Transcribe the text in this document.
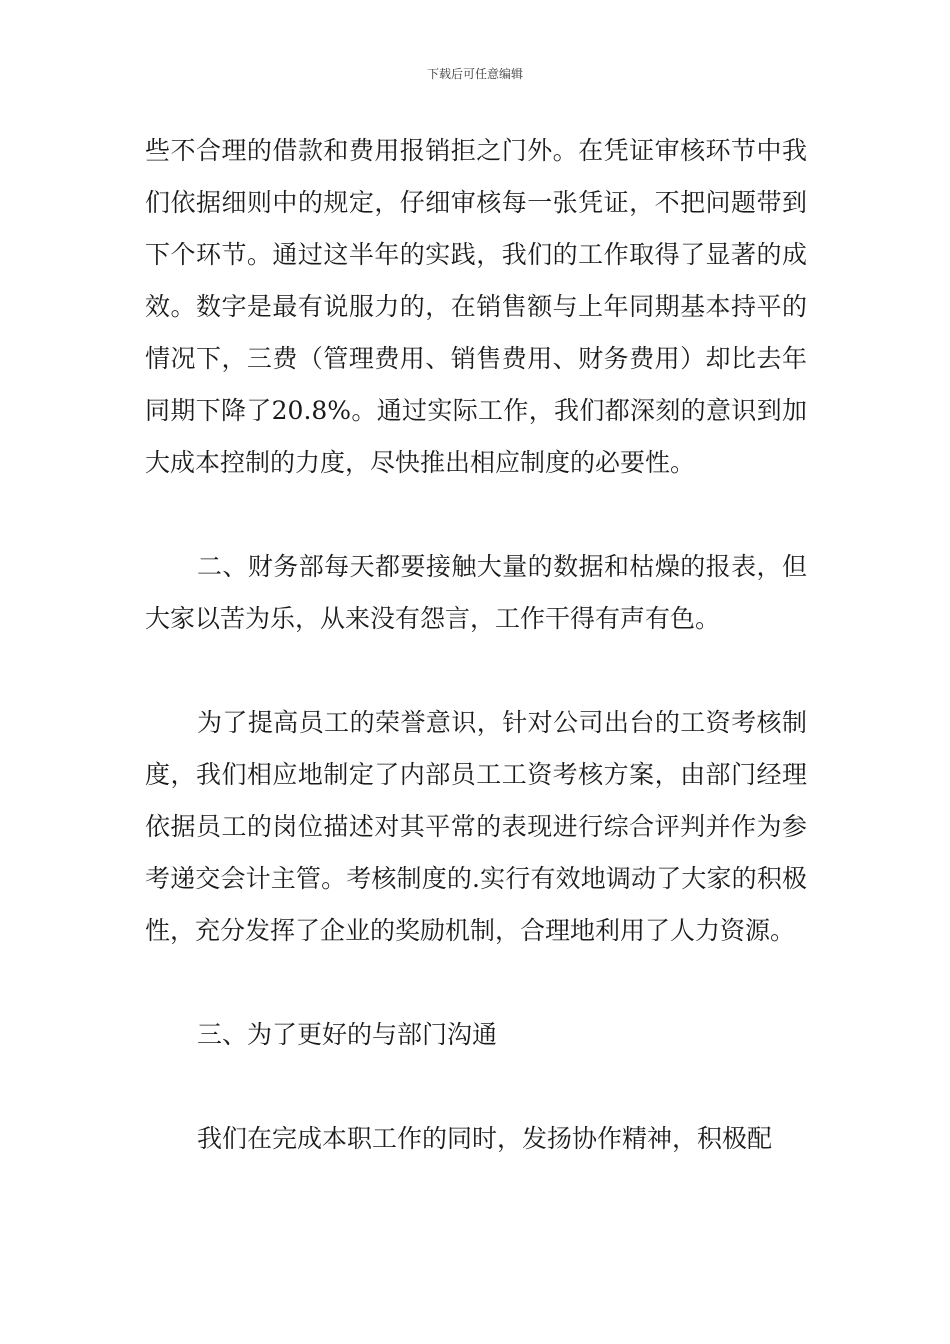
下载后可任意编辑

些不合理的借款和费用报销拒之门外。在凭证审核环节中我们依据细则中的规定，仔细审核每一张凭证，不把问题带到下个环节。通过这半年的实践，我们的工作取得了显著的成效。数字是最有说服力的，在销售额与上年同期基本持平的情况下，三费（管理费用、销售费用、财务费用）却比去年同期下降了20.8%。通过实际工作，我们都深刻的意识到加大成本控制的力度，尽快推出相应制度的必要性。

二、财务部每天都要接触大量的数据和枯燥的报表，但大家以苦为乐，从来没有怨言，工作干得有声有色。

为了提高员工的荣誉意识，针对公司出台的工资考核制度，我们相应地制定了内部员工工资考核方案，由部门经理依据员工的岗位描述对其平常的表现进行综合评判并作为参考递交会计主管。考核制度的.实行有效地调动了大家的积极性，充分发挥了企业的奖励机制，合理地利用了人力资源。

三、为了更好的与部门沟通

我们在完成本职工作的同时，发扬协作精神，积极配
